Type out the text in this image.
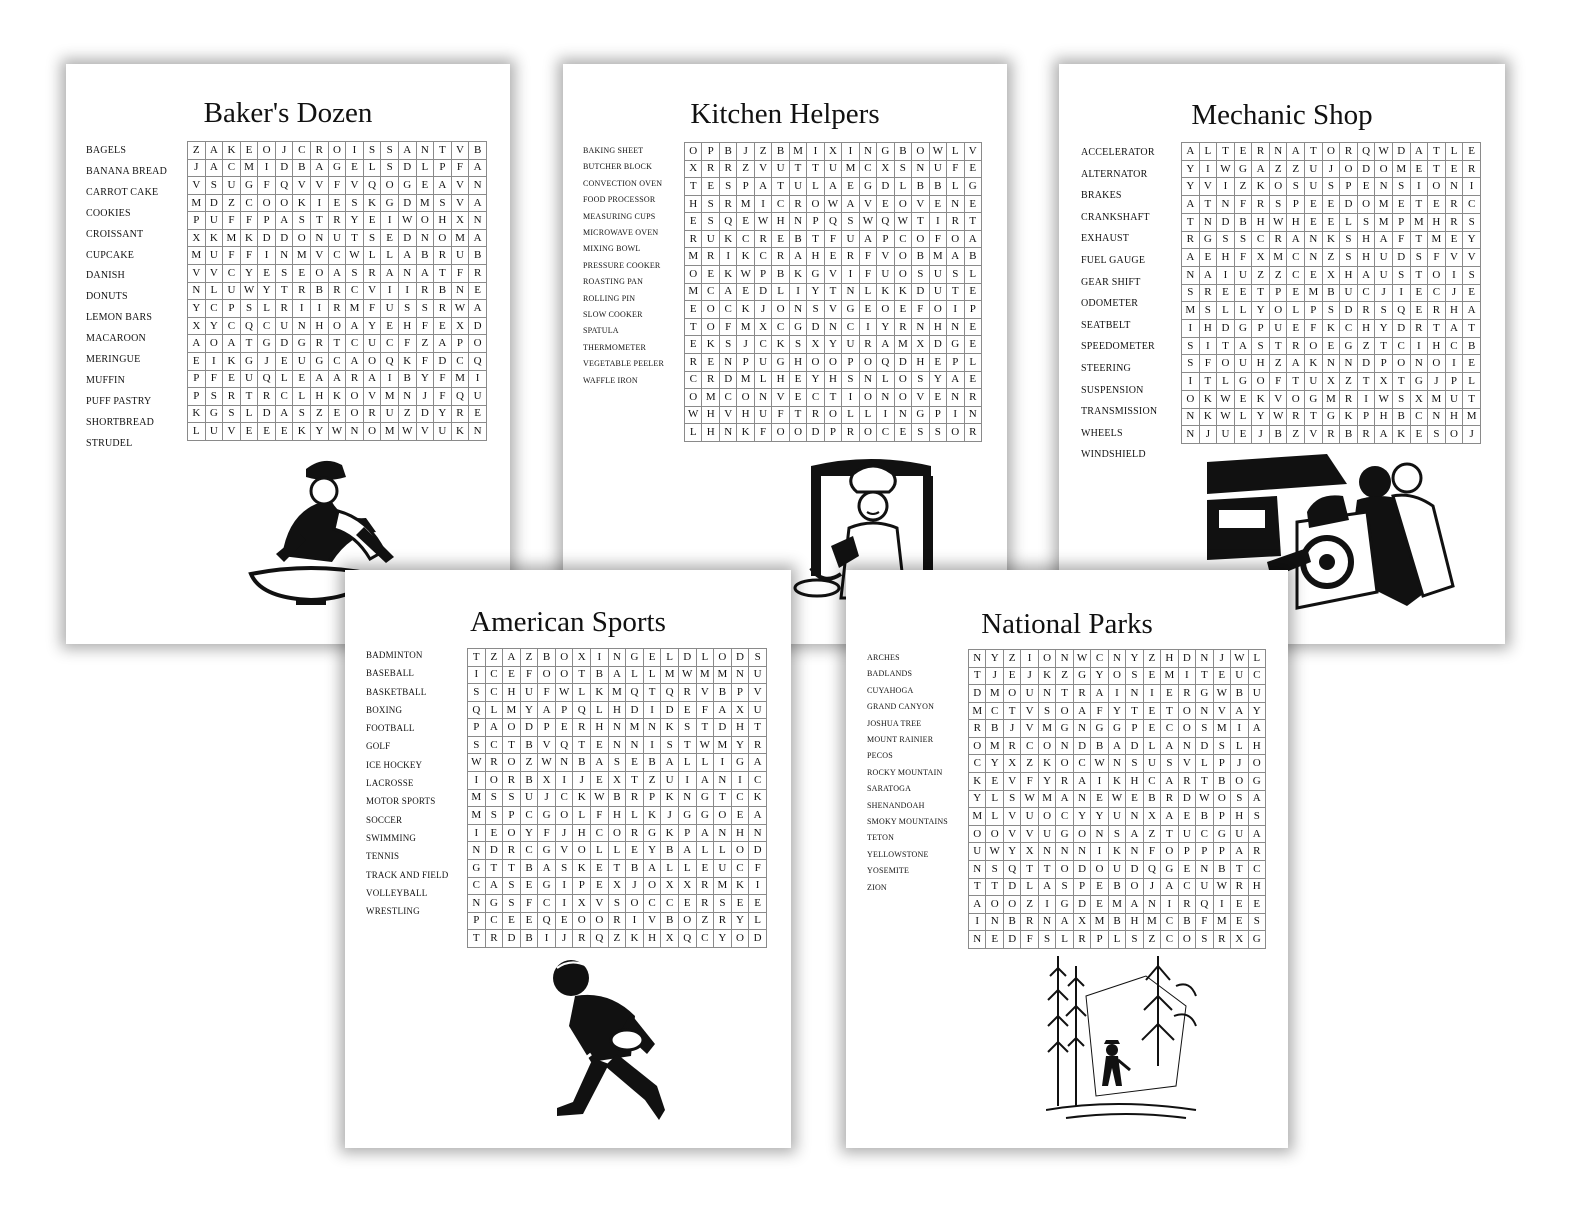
Baker's Dozen
BAGELS
BANANA BREAD
CARROT CAKE
COOKIES
CROISSANT
CUPCAKE
DANISH
DONUTS
LEMON BARS
MACAROON
MERINGUE
MUFFIN
PUFF PASTRY
SHORTBREAD
STRUDEL
Z	A	K	E	O	J	C	R	O	I	S	S	A	N	T	V	B
J	A	C	M	I	D	B	A	G	E	L	S	D	L	P	F	A
V	S	U	G	F	Q	V	V	F	V	Q	O	G	E	A	V	N
M	D	Z	C	O	O	K	I	E	S	K	G	D	M	S	V	A
P	U	F	F	P	A	S	T	R	Y	E	I	W	O	H	X	N
X	K	M	K	D	D	O	N	U	T	S	E	D	N	O	M	A
M	U	F	F	I	N	M	V	C	W	L	L	A	B	R	U	B
V	V	C	Y	E	S	E	O	A	S	R	A	N	A	T	F	R
N	L	U	W	Y	T	R	B	R	C	V	I	I	R	B	N	E
Y	C	P	S	L	R	I	I	R	M	F	U	S	S	R	W	A
X	Y	C	Q	C	U	N	H	O	A	Y	E	H	F	E	X	D
A	O	A	T	G	D	G	R	T	C	U	C	F	Z	A	P	O
E	I	K	G	J	E	U	G	C	A	O	Q	K	F	D	C	Q
P	F	E	U	Q	L	E	A	A	R	A	I	B	Y	F	M	I
P	S	R	T	R	C	L	H	K	O	V	M	N	J	F	Q	U
K	G	S	L	D	A	S	Z	E	O	R	U	Z	D	Y	R	E
L	U	V	E	E	E	K	Y	W	N	O	M	W	V	U	K	N
Kitchen Helpers
BAKING SHEET
BUTCHER BLOCK
CONVECTION OVEN
FOOD PROCESSOR
MEASURING CUPS
MICROWAVE OVEN
MIXING BOWL
PRESSURE COOKER
ROASTING PAN
ROLLING PIN
SLOW COOKER
SPATULA
THERMOMETER
VEGETABLE PEELER
WAFFLE IRON
O	P	B	J	Z	B	M	I	X	I	N	G	B	O	W	L	V
X	R	R	Z	V	U	T	T	U	M	C	X	S	N	U	F	E
T	E	S	P	A	T	U	L	A	E	G	D	L	B	B	L	G
H	S	R	M	I	C	R	O	W	A	V	E	O	V	E	N	E
E	S	Q	E	W	H	N	P	Q	S	W	Q	W	T	I	R	T
R	U	K	C	R	E	B	T	F	U	A	P	C	O	F	O	A
M	R	I	K	C	R	A	H	E	R	F	V	O	B	M	A	B
O	E	K	W	P	B	K	G	V	I	F	U	O	S	U	S	L
M	C	A	E	D	L	I	Y	T	N	L	K	K	D	U	T	E
E	O	C	K	J	O	N	S	V	G	E	O	E	F	O	I	P
T	O	F	M	X	C	G	D	N	C	I	Y	R	N	H	N	E
E	K	S	J	C	K	S	X	Y	U	R	A	M	X	D	G	E
R	E	N	P	U	G	H	O	O	P	O	Q	D	H	E	P	L
C	R	D	M	L	H	E	Y	H	S	N	L	O	S	Y	A	E
O	M	C	O	N	V	E	C	T	I	O	N	O	V	E	N	R
W	H	V	H	U	F	T	R	O	L	L	I	N	G	P	I	N
L	H	N	K	F	O	O	D	P	R	O	C	E	S	S	O	R
Mechanic Shop
ACCELERATOR
ALTERNATOR
BRAKES
CRANKSHAFT
EXHAUST
FUEL GAUGE
GEAR SHIFT
ODOMETER
SEATBELT
SPEEDOMETER
STEERING
SUSPENSION
TRANSMISSION
WHEELS
WINDSHIELD
A	L	T	E	R	N	A	T	O	R	Q	W	D	A	T	L	E
Y	I	W	G	A	Z	Z	U	J	O	D	O	M	E	T	E	R
Y	V	I	Z	K	O	S	U	S	P	E	N	S	I	O	N	I
A	T	N	F	R	S	P	E	E	D	O	M	E	T	E	R	C
T	N	D	B	H	W	H	E	E	L	S	M	P	M	H	R	S
R	G	S	S	C	R	A	N	K	S	H	A	F	T	M	E	Y
A	E	H	F	X	M	C	N	Z	S	H	U	D	S	F	V	V
N	A	I	U	Z	Z	C	E	X	H	A	U	S	T	O	I	S
S	R	E	E	T	P	E	M	B	U	C	J	I	E	C	J	E
M	S	L	L	Y	O	L	P	S	D	R	S	Q	E	R	H	A
I	H	D	G	P	U	E	F	K	C	H	Y	D	R	T	A	T
S	I	T	A	S	T	R	O	E	G	Z	T	C	I	H	C	B
S	F	O	U	H	Z	A	K	N	N	D	P	O	N	O	I	E
I	T	L	G	O	F	T	U	X	Z	T	X	T	G	J	P	L
O	K	W	E	K	V	O	G	M	R	I	W	S	X	M	U	T
N	K	W	L	Y	W	R	T	G	K	P	H	B	C	N	H	M
N	J	U	E	J	B	Z	V	R	B	R	A	K	E	S	O	J
American Sports
BADMINTON
BASEBALL
BASKETBALL
BOXING
FOOTBALL
GOLF
ICE HOCKEY
LACROSSE
MOTOR SPORTS
SOCCER
SWIMMING
TENNIS
TRACK AND FIELD
VOLLEYBALL
WRESTLING
T	Z	A	Z	B	O	X	I	N	G	E	L	D	L	O	D	S
I	C	E	F	O	O	T	B	A	L	L	M	W	M	M	N	U
S	C	H	U	F	W	L	K	M	Q	T	Q	R	V	B	P	V
Q	L	M	Y	A	P	Q	L	H	D	I	D	E	F	A	X	U
P	A	O	D	P	E	R	H	N	M	N	K	S	T	D	H	T
S	C	T	B	V	Q	T	E	N	N	I	S	T	W	M	Y	R
W	R	O	Z	W	N	B	A	S	E	B	A	L	L	I	G	A
I	O	R	B	X	I	J	E	X	T	Z	U	I	A	N	I	C
M	S	S	U	J	C	K	W	B	R	P	K	N	G	T	C	K
M	S	P	C	G	O	L	F	H	L	K	J	G	G	O	E	A
I	E	O	Y	F	J	H	C	O	R	G	K	P	A	N	H	N
N	D	R	C	G	V	O	L	L	E	Y	B	A	L	L	O	D
G	T	T	B	A	S	K	E	T	B	A	L	L	E	U	C	F
C	A	S	E	G	I	P	E	X	J	O	X	X	R	M	K	I
N	G	S	F	C	I	X	V	S	O	C	C	E	R	S	E	E
P	C	E	E	Q	E	O	O	R	I	V	B	O	Z	R	Y	L
T	R	D	B	I	J	R	Q	Z	K	H	X	Q	C	Y	O	D
National Parks
ARCHES
BADLANDS
CUYAHOGA
GRAND CANYON
JOSHUA TREE
MOUNT RAINIER
PECOS
ROCKY MOUNTAIN
SARATOGA
SHENANDOAH
SMOKY MOUNTAINS
TETON
YELLOWSTONE
YOSEMITE
ZION
N	Y	Z	I	O	N	W	C	N	Y	Z	H	D	N	J	W	L
T	J	E	J	K	Z	G	Y	O	S	E	M	I	T	E	U	C
D	M	O	U	N	T	R	A	I	N	I	E	R	G	W	B	U
M	C	T	V	S	O	A	F	Y	T	E	T	O	N	V	A	Y
R	B	J	V	M	G	N	G	G	P	E	C	O	S	M	I	A
O	M	R	C	O	N	D	B	A	D	L	A	N	D	S	L	H
C	Y	X	Z	K	O	C	W	N	S	U	S	V	L	P	J	O
K	E	V	F	Y	R	A	I	K	H	C	A	R	T	B	O	G
Y	L	S	W	M	A	N	E	W	E	B	R	D	W	O	S	A
M	L	V	U	O	C	Y	Y	U	N	X	A	E	B	P	H	S
O	O	V	V	U	G	O	N	S	A	Z	T	U	C	G	U	A
U	W	Y	X	N	N	N	I	K	N	F	O	P	P	P	A	R
N	S	Q	T	T	O	D	O	U	D	Q	G	E	N	B	T	C
T	T	D	L	A	S	P	E	B	O	J	A	C	U	W	R	H
A	O	O	Z	I	G	D	E	M	A	N	I	R	Q	I	E	E
I	N	B	R	N	A	X	M	B	H	M	C	B	F	M	E	S
N	E	D	F	S	L	R	P	L	S	Z	C	O	S	R	X	G
